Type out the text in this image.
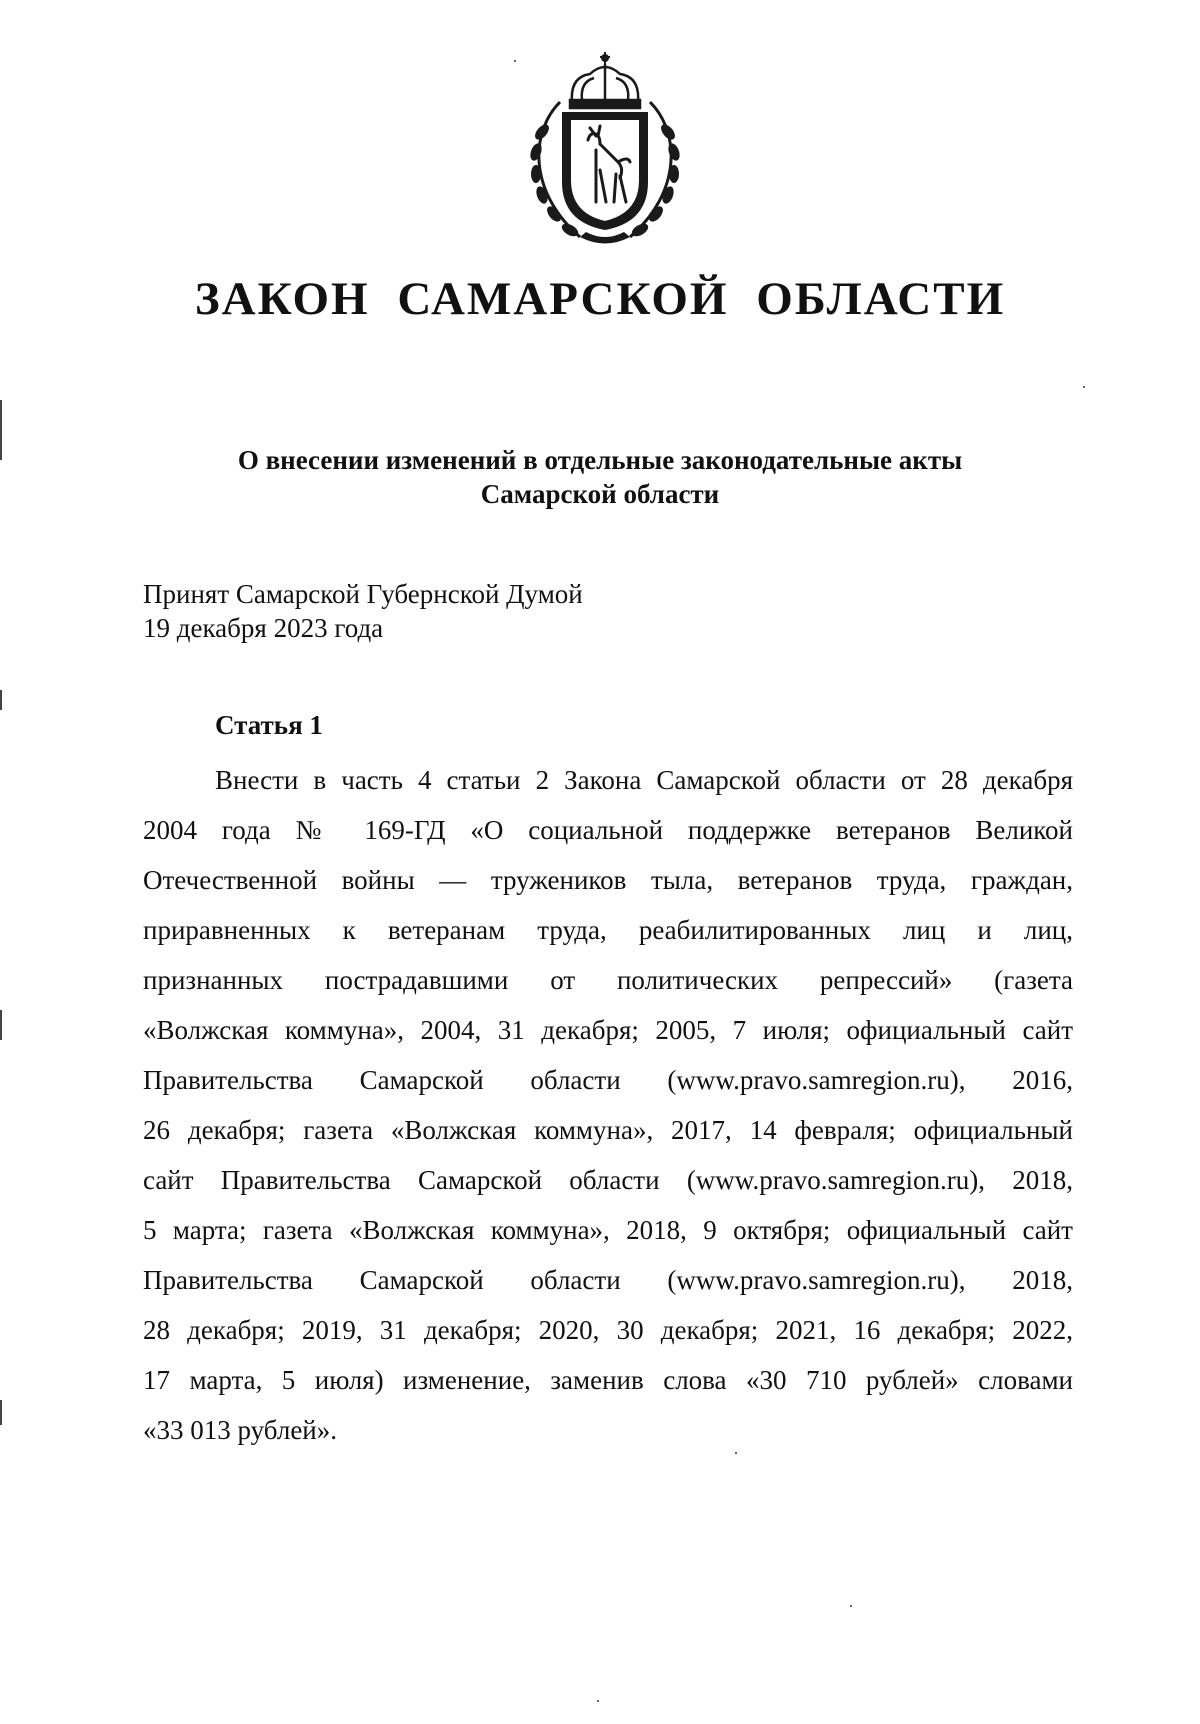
ЗАКОН САМАРСКОЙ ОБЛАСТИ
О внесении изменений в отдельные законодательные акты
Самарской области
Принят Самарской Губернской Думой
19 декабря 2023 года
Статья 1
Внести в часть 4 статьи 2 Закона Самарской области от 28 декабря
2004 года № 169-ГД «О социальной поддержке ветеранов Великой
Отечественной войны — тружеников тыла, ветеранов труда, граждан,
приравненных к ветеранам труда, реабилитированных лиц и лиц,
признанных пострадавшими от политических репрессий» (газета
«Волжская коммуна», 2004, 31 декабря; 2005, 7 июля; официальный сайт
Правительства Самарской области (www.pravo.samregion.ru), 2016,
26 декабря; газета «Волжская коммуна», 2017, 14 февраля; официальный
сайт Правительства Самарской области (www.pravo.samregion.ru), 2018,
5 марта; газета «Волжская коммуна», 2018, 9 октября; официальный сайт
Правительства Самарской области (www.pravo.samregion.ru), 2018,
28 декабря; 2019, 31 декабря; 2020, 30 декабря; 2021, 16 декабря; 2022,
17 марта, 5 июля) изменение, заменив слова «30 710 рублей» словами
«33 013 рублей».
